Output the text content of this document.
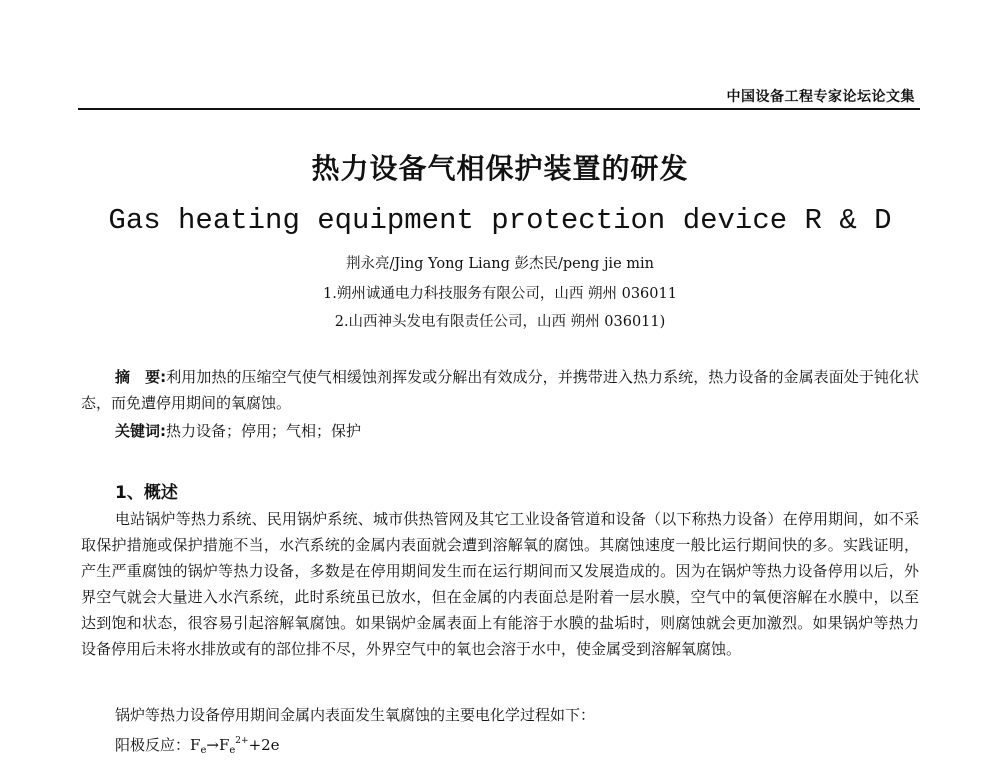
中国设备工程专家论坛论文集
热力设备气相保护装置的研发
Gas heating equipment protection device R & D
荆永亮/Jing Yong Liang 彭杰民/peng jie min
1.朔州诚通电力科技服务有限公司，山西 朔州 036011
2.山西神头发电有限责任公司，山西 朔州 036011)
摘　要:利用加热的压缩空气使气相缓蚀剂挥发或分解出有效成分，并携带进入热力系统，热力设备的金属表面处于钝化状态，而免遭停用期间的氧腐蚀。
关键词:热力设备；停用；气相；保护
1、概述
电站锅炉等热力系统、民用锅炉系统、城市供热管网及其它工业设备管道和设备（以下称热力设备）在停用期间，如不采取保护措施或保护措施不当，水汽系统的金属内表面就会遭到溶解氧的腐蚀。其腐蚀速度一般比运行期间快的多。实践证明，产生严重腐蚀的锅炉等热力设备，多数是在停用期间发生而在运行期间而又发展造成的。因为在锅炉等热力设备停用以后，外界空气就会大量进入水汽系统，此时系统虽已放水，但在金属的内表面总是附着一层水膜，空气中的氧便溶解在水膜中，以至达到饱和状态，很容易引起溶解氧腐蚀。如果锅炉金属表面上有能溶于水膜的盐垢时，则腐蚀就会更加激烈。如果锅炉等热力设备停用后未将水排放或有的部位排不尽，外界空气中的氧也会溶于水中，使金属受到溶解氧腐蚀。
锅炉等热力设备停用期间金属内表面发生氧腐蚀的主要电化学过程如下：
阳极反应：$F_e\to F_e^{2+}+2e$
